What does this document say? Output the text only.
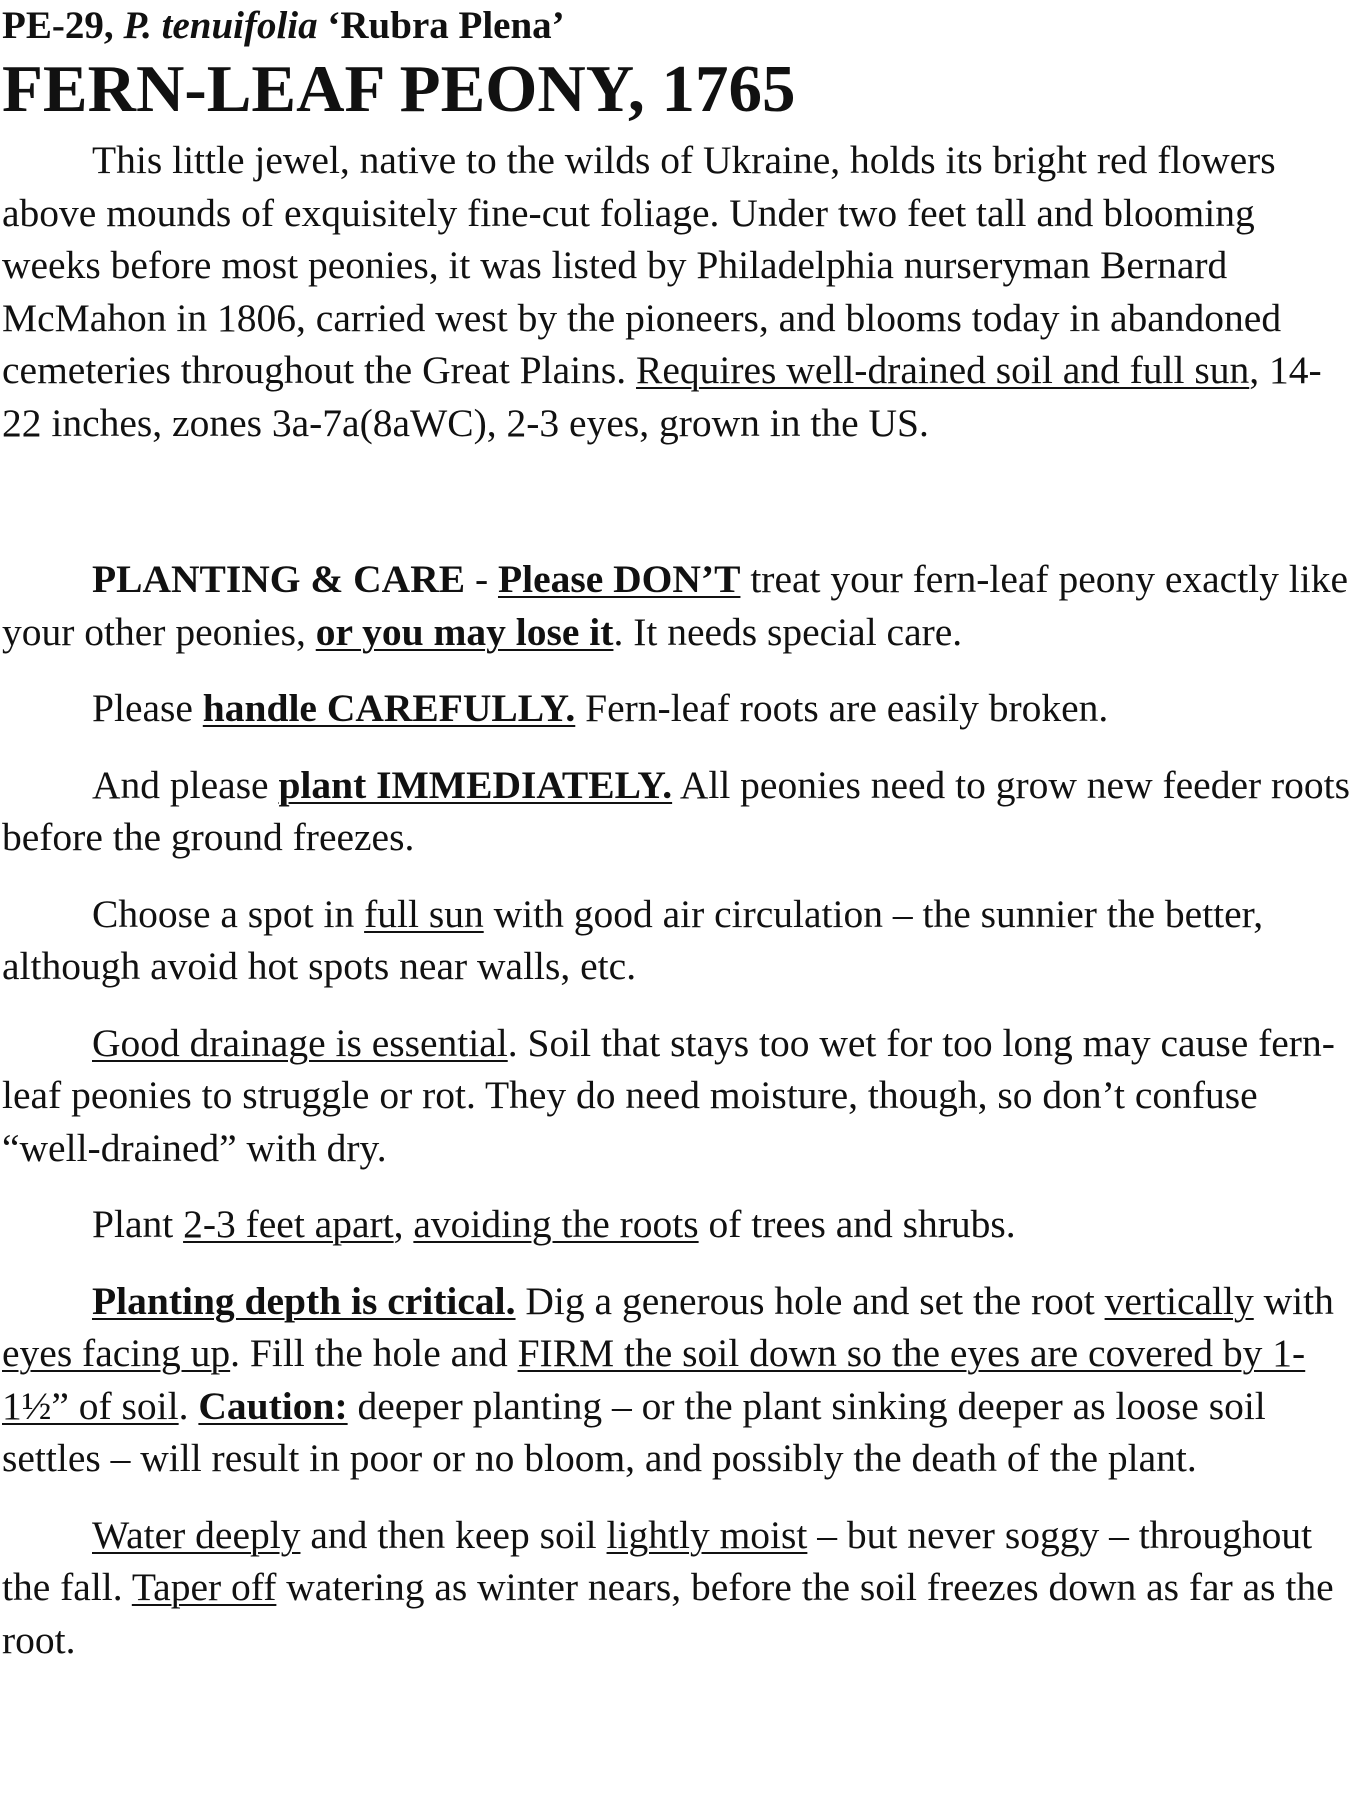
PE-29, P. tenuifolia ‘Rubra Plena’

FERN-LEAF PEONY, 1765

This little jewel, native to the wilds of Ukraine, holds its bright red flowers above mounds of exquisitely fine-cut foliage. Under two feet tall and blooming weeks before most peonies, it was listed by Philadelphia nurseryman Bernard McMahon in 1806, carried west by the pioneers, and blooms today in abandoned cemeteries throughout the Great Plains. Requires well-drained soil and full sun, 14-22 inches, zones 3a-7a(8aWC), 2-3 eyes, grown in the US.

PLANTING & CARE - Please DON’T treat your fern-leaf peony exactly like your other peonies, or you may lose it. It needs special care.

Please handle CAREFULLY. Fern-leaf roots are easily broken.

And please plant IMMEDIATELY. All peonies need to grow new feeder roots before the ground freezes.

Choose a spot in full sun with good air circulation – the sunnier the better, although avoid hot spots near walls, etc.

Good drainage is essential. Soil that stays too wet for too long may cause fern-leaf peonies to struggle or rot. They do need moisture, though, so don’t confuse “well-drained” with dry.

Plant 2-3 feet apart, avoiding the roots of trees and shrubs.

Planting depth is critical. Dig a generous hole and set the root vertically with eyes facing up. Fill the hole and FIRM the soil down so the eyes are covered by 1-1½” of soil. Caution: deeper planting – or the plant sinking deeper as loose soil settles – will result in poor or no bloom, and possibly the death of the plant.

Water deeply and then keep soil lightly moist – but never soggy – throughout the fall. Taper off watering as winter nears, before the soil freezes down as far as the root.
